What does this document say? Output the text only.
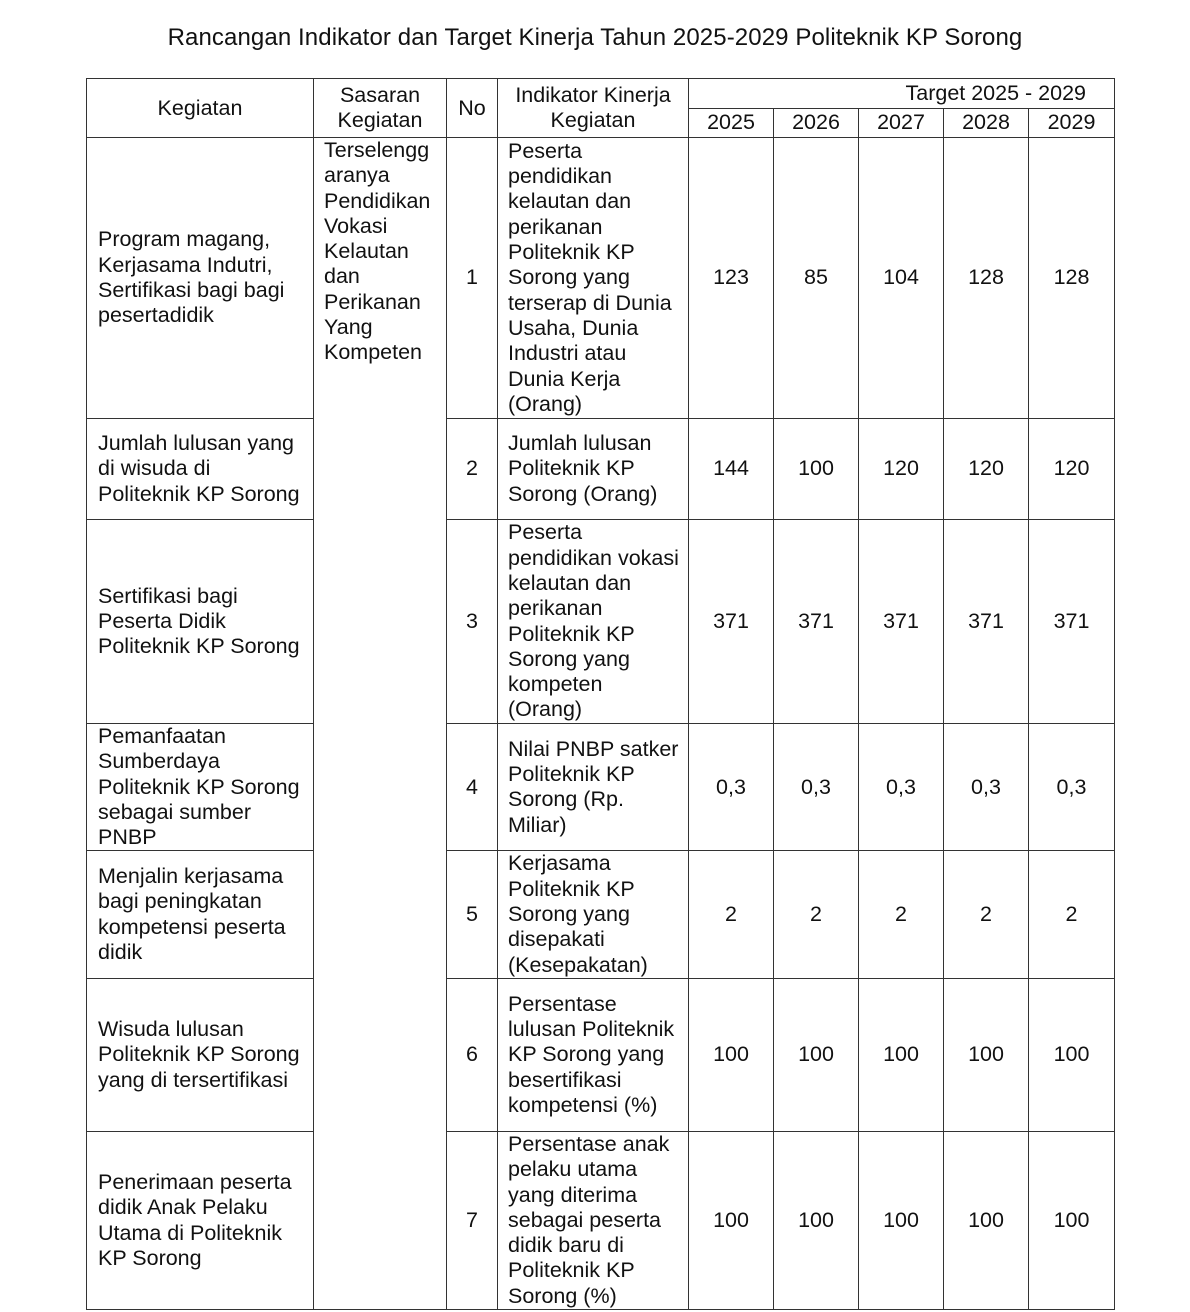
Rancangan Indikator dan Target Kinerja Tahun 2025-2029 Politeknik KP Sorong
Kegiatan	Sasaran Kegiatan	No	Indikator Kinerja Kegiatan	Target 2025 - 2029				
				2025	2026	2027	2028	2029
Program magang, Kerjasama Indutri, Sertifikasi bagi bagi pesertadidik	Terselengg aranya Pendidikan Vokasi Kelautan dan Perikanan Yang Kompeten	1	Peserta pendidikan kelautan dan perikanan Politeknik KP Sorong yang terserap di Dunia Usaha, Dunia Industri atau Dunia Kerja (Orang)	123	85	104	128	128
Jumlah lulusan yang di wisuda di Politeknik KP Sorong		2	Jumlah lulusan Politeknik KP Sorong (Orang)	144	100	120	120	120
Sertifikasi bagi Peserta Didik Politeknik KP Sorong		3	Peserta pendidikan vokasi kelautan dan perikanan Politeknik KP Sorong yang kompeten (Orang)	371	371	371	371	371
Pemanfaatan Sumberdaya Politeknik KP Sorong sebagai sumber PNBP		4	Nilai PNBP satker Politeknik KP Sorong (Rp. Miliar)	0,3	0,3	0,3	0,3	0,3
Menjalin kerjasama bagi peningkatan kompetensi peserta didik		5	Kerjasama Politeknik KP Sorong yang disepakati (Kesepakatan)	2	2	2	2	2
Wisuda lulusan Politeknik KP Sorong yang di tersertifikasi		6	Persentase lulusan Politeknik KP Sorong yang besertifikasi kompetensi (%)	100	100	100	100	100
Penerimaan peserta didik Anak Pelaku Utama di Politeknik KP Sorong		7	Persentase anak pelaku utama yang diterima sebagai peserta didik baru di Politeknik KP Sorong (%)	100	100	100	100	100
